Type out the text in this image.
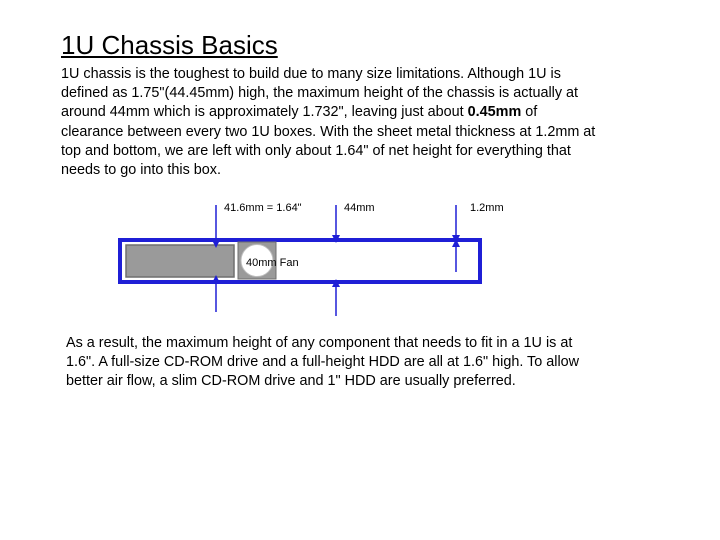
1U Chassis Basics

1U chassis is the toughest to build due to many size limitations. Although 1U is defined as 1.75"(44.45mm) high, the maximum height of the chassis is actually at around 44mm which is approximately 1.732", leaving just about 0.45mm of clearance between every two 1U boxes. With the sheet metal thickness at 1.2mm at top and bottom, we are left with only about 1.64" of net height for everything that needs to go into this box.

41.6mm = 1.64"	44mm	1.2mm
40mm Fan

As a result, the maximum height of any component that needs to fit in a 1U is at 1.6". A full-size CD-ROM drive and a full-height HDD are all at 1.6" high. To allow better air flow, a slim CD-ROM drive and 1" HDD are usually preferred.
